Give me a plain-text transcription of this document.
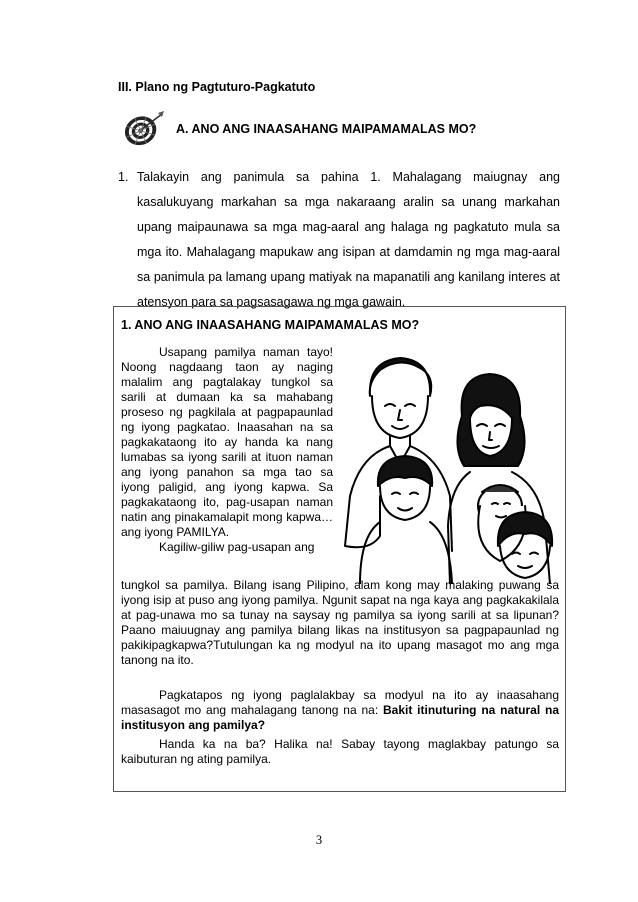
III. Plano ng Pagtuturo-Pagkatuto
A. ANO ANG INAASAHANG MAIPAMAMALAS MO?
1. Talakayin ang panimula sa pahina 1. Mahalagang maiugnay ang kasalukuyang markahan sa mga nakaraang aralin sa unang markahan upang maipaunawa sa mga mag-aaral ang halaga ng pagkatuto mula sa mga ito. Mahalagang mapukaw ang isipan at damdamin ng mga mag-aaral sa panimula pa lamang upang matiyak na mapanatili ang kanilang interes at atensyon para sa pagsasagawa ng mga gawain.
1. ANO ANG INAASAHANG MAIPAMAMALAS MO?

Usapang pamilya naman tayo! Noong nagdaang taon ay naging malalim ang pagtalakay tungkol sa sarili at dumaan ka sa mahabang proseso ng pagkilala at pagpapaunlad ng iyong pagkatao. Inaasahan na sa pagkakataong ito ay handa ka nang lumabas sa iyong sarili at ituon naman ang iyong panahon sa mga tao sa iyong paligid, ang iyong kapwa. Sa pagkakataong ito, pag-usapan naman natin ang pinakamalapit mong kapwa… ang iyong PAMILYA.
Kagiliw-giliw pag-usapan ang

tungkol sa pamilya. Bilang isang Pilipino, alam kong may malaking puwang sa iyong isip at puso ang iyong pamilya. Ngunit sapat na nga kaya ang pagkakakilala at pag-unawa mo sa tunay na saysay ng pamilya sa iyong sarili at sa lipunan? Paano maiuugnay ang pamilya bilang likas na institusyon sa pagpapaunlad ng pakikipagkapwa?Tutulungan ka ng modyul na ito upang masagot mo ang mga tanong na ito.

Pagkatapos ng iyong paglalakbay sa modyul na ito ay inaasahang masasagot mo ang mahalagang tanong na na: Bakit itinuturing na natural na institusyon ang pamilya?

Handa ka na ba? Halika na! Sabay tayong maglakbay patungo sa kaibuturan ng ating pamilya.

3
